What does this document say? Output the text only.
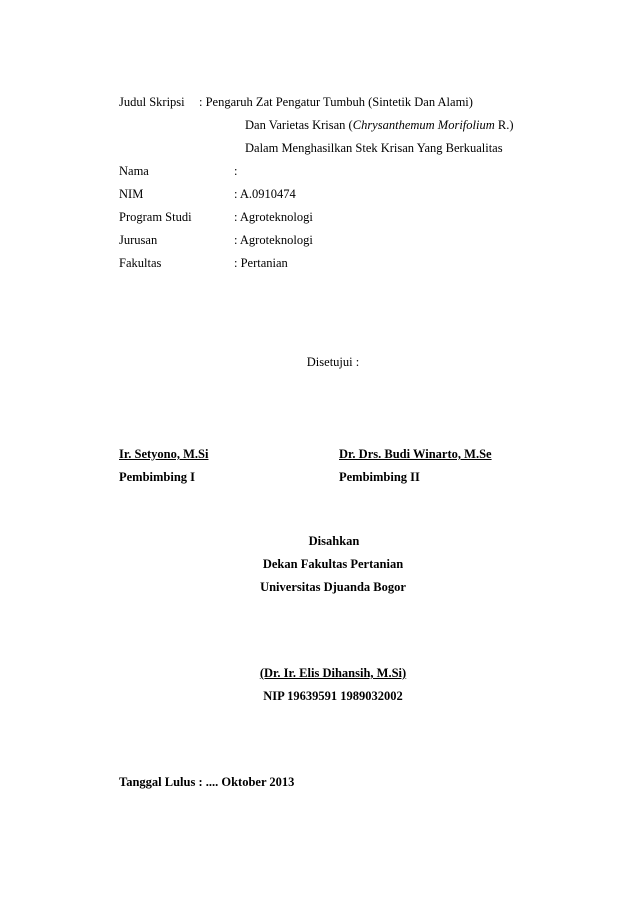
Judul Skripsi : Pengaruh Zat Pengatur Tumbuh (Sintetik Dan Alami)
Dan Varietas Krisan (Chrysanthemum Morifolium R.)
Dalam Menghasilkan Stek Krisan Yang Berkualitas
Nama	:
NIM	: A.0910474
Program Studi	: Agroteknologi
Jurusan	: Agroteknologi
Fakultas	: Pertanian
Disetujui :
Ir. Setyono, M.Si
Pembimbing I
Dr. Drs. Budi Winarto, M.Se
Pembimbing II
Disahkan
Dekan Fakultas Pertanian
Universitas Djuanda Bogor
(Dr. Ir. Elis Dihansih, M.Si)
NIP 19639591 1989032002
Tanggal Lulus : .... Oktober 2013
